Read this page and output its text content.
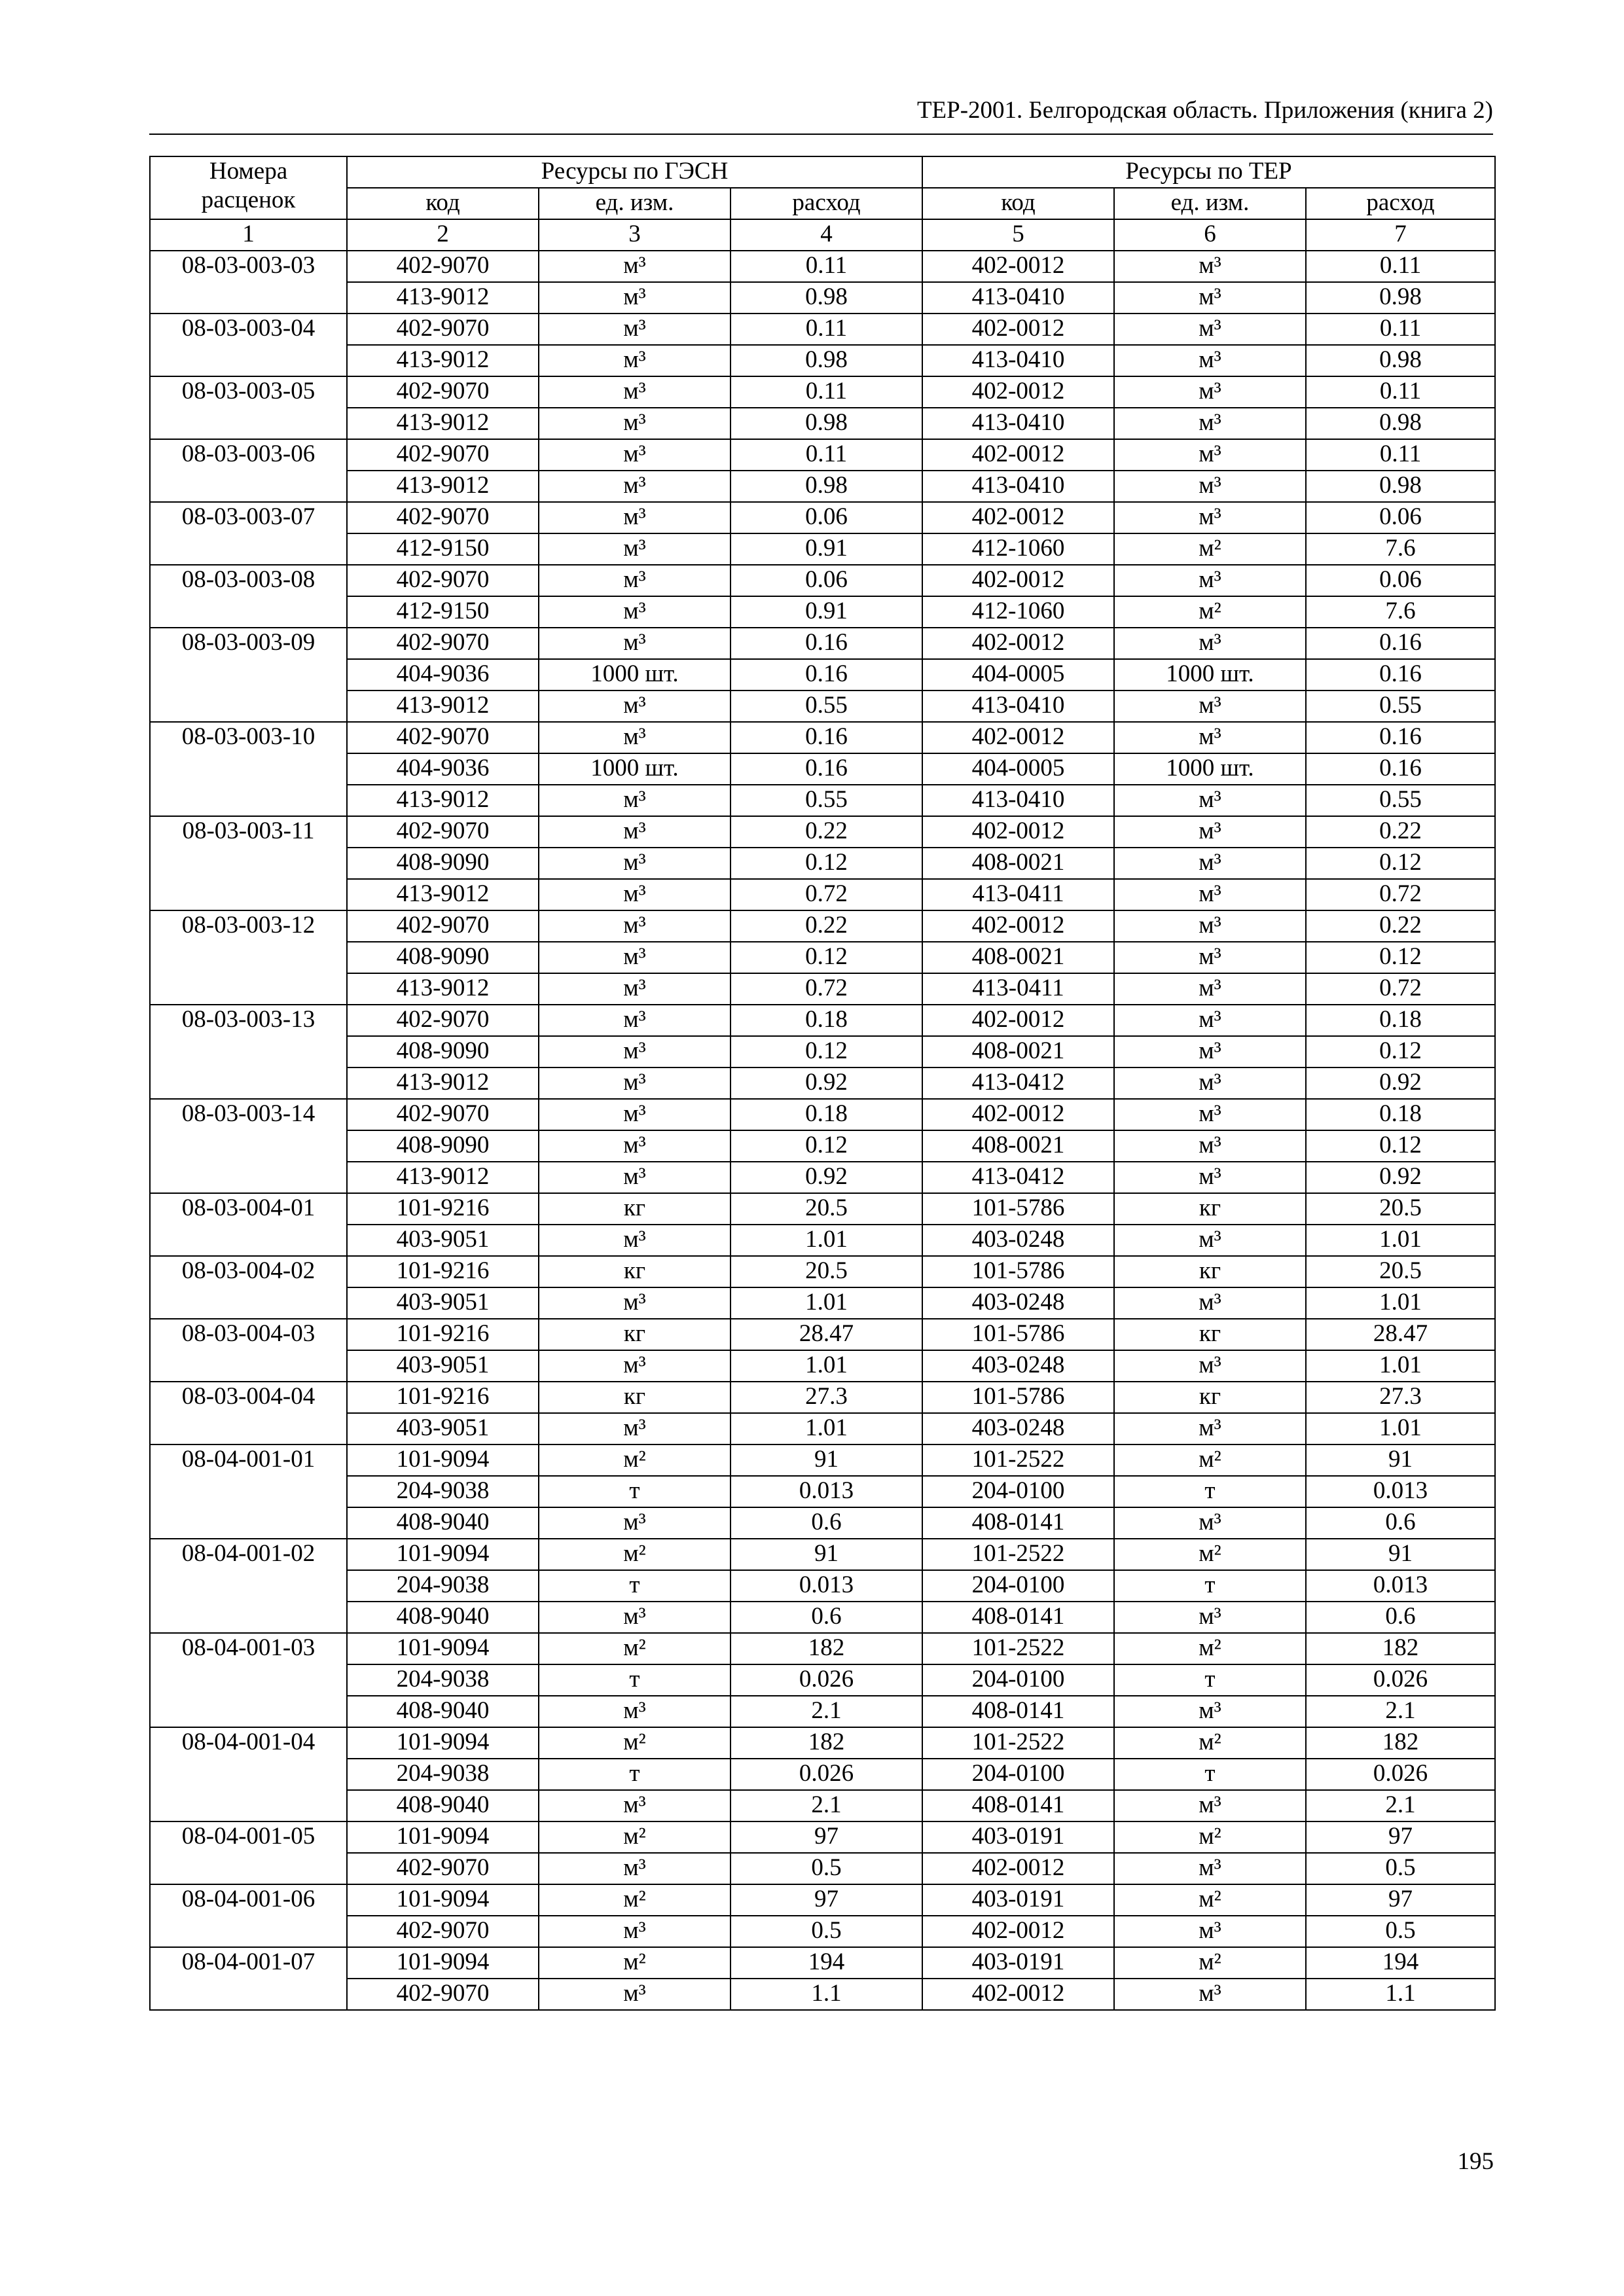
ТЕР-2001. Белгородская область. Приложения (книга 2)
Номера
расценок	Ресурсы по ГЭСН			Ресурсы по ТЕР		
	код	ед. изм.	расход	код	ед. изм.	расход
1	2	3	4	5	6	7
08-03-003-03	402-9070	м³	0.11	402-0012	м³	0.11
	413-9012	м³	0.98	413-0410	м³	0.98
08-03-003-04	402-9070	м³	0.11	402-0012	м³	0.11
	413-9012	м³	0.98	413-0410	м³	0.98
08-03-003-05	402-9070	м³	0.11	402-0012	м³	0.11
	413-9012	м³	0.98	413-0410	м³	0.98
08-03-003-06	402-9070	м³	0.11	402-0012	м³	0.11
	413-9012	м³	0.98	413-0410	м³	0.98
08-03-003-07	402-9070	м³	0.06	402-0012	м³	0.06
	412-9150	м³	0.91	412-1060	м²	7.6
08-03-003-08	402-9070	м³	0.06	402-0012	м³	0.06
	412-9150	м³	0.91	412-1060	м²	7.6
08-03-003-09	402-9070	м³	0.16	402-0012	м³	0.16
	404-9036	1000 шт.	0.16	404-0005	1000 шт.	0.16
	413-9012	м³	0.55	413-0410	м³	0.55
08-03-003-10	402-9070	м³	0.16	402-0012	м³	0.16
	404-9036	1000 шт.	0.16	404-0005	1000 шт.	0.16
	413-9012	м³	0.55	413-0410	м³	0.55
08-03-003-11	402-9070	м³	0.22	402-0012	м³	0.22
	408-9090	м³	0.12	408-0021	м³	0.12
	413-9012	м³	0.72	413-0411	м³	0.72
08-03-003-12	402-9070	м³	0.22	402-0012	м³	0.22
	408-9090	м³	0.12	408-0021	м³	0.12
	413-9012	м³	0.72	413-0411	м³	0.72
08-03-003-13	402-9070	м³	0.18	402-0012	м³	0.18
	408-9090	м³	0.12	408-0021	м³	0.12
	413-9012	м³	0.92	413-0412	м³	0.92
08-03-003-14	402-9070	м³	0.18	402-0012	м³	0.18
	408-9090	м³	0.12	408-0021	м³	0.12
	413-9012	м³	0.92	413-0412	м³	0.92
08-03-004-01	101-9216	кг	20.5	101-5786	кг	20.5
	403-9051	м³	1.01	403-0248	м³	1.01
08-03-004-02	101-9216	кг	20.5	101-5786	кг	20.5
	403-9051	м³	1.01	403-0248	м³	1.01
08-03-004-03	101-9216	кг	28.47	101-5786	кг	28.47
	403-9051	м³	1.01	403-0248	м³	1.01
08-03-004-04	101-9216	кг	27.3	101-5786	кг	27.3
	403-9051	м³	1.01	403-0248	м³	1.01
08-04-001-01	101-9094	м²	91	101-2522	м²	91
	204-9038	т	0.013	204-0100	т	0.013
	408-9040	м³	0.6	408-0141	м³	0.6
08-04-001-02	101-9094	м²	91	101-2522	м²	91
	204-9038	т	0.013	204-0100	т	0.013
	408-9040	м³	0.6	408-0141	м³	0.6
08-04-001-03	101-9094	м²	182	101-2522	м²	182
	204-9038	т	0.026	204-0100	т	0.026
	408-9040	м³	2.1	408-0141	м³	2.1
08-04-001-04	101-9094	м²	182	101-2522	м²	182
	204-9038	т	0.026	204-0100	т	0.026
	408-9040	м³	2.1	408-0141	м³	2.1
08-04-001-05	101-9094	м²	97	403-0191	м²	97
	402-9070	м³	0.5	402-0012	м³	0.5
08-04-001-06	101-9094	м²	97	403-0191	м²	97
	402-9070	м³	0.5	402-0012	м³	0.5
08-04-001-07	101-9094	м²	194	403-0191	м²	194
	402-9070	м³	1.1	402-0012	м³	1.1
195
